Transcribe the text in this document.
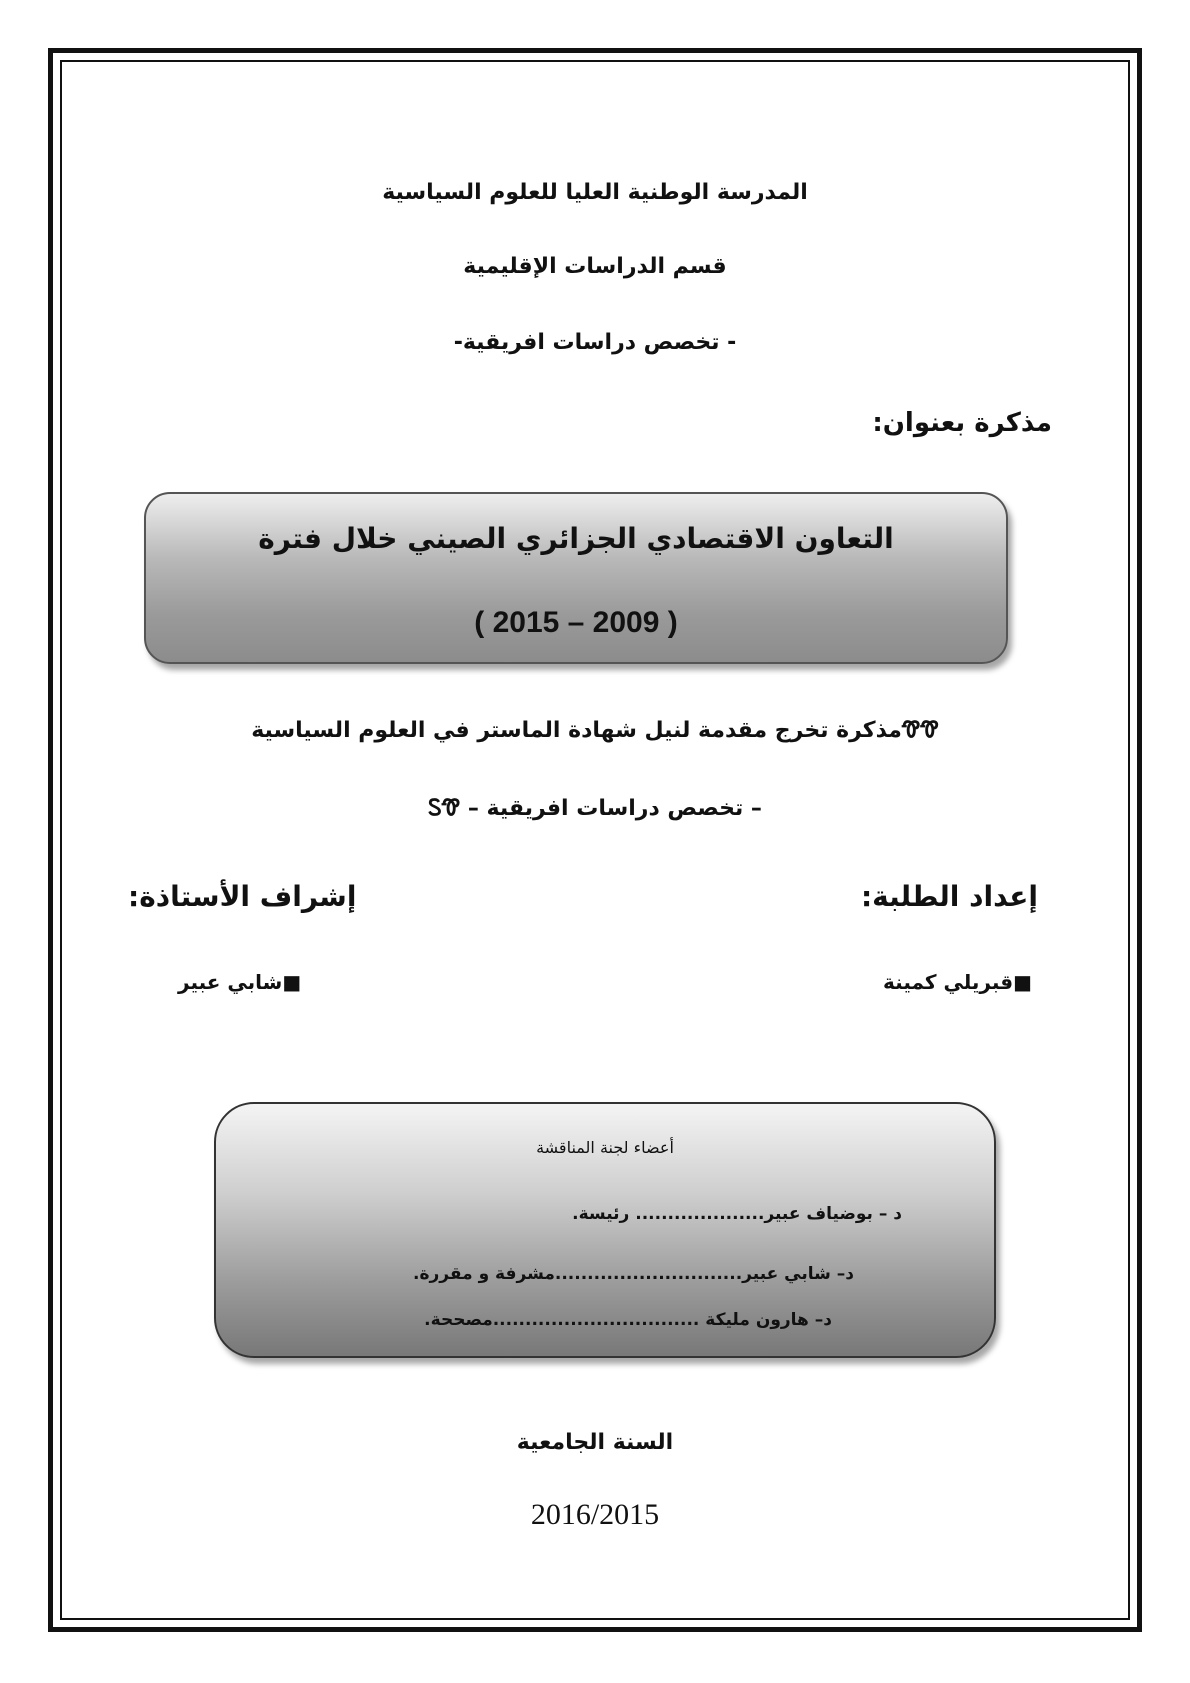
المدرسة الوطنية العليا للعلوم السياسية
قسم الدراسات الإقليمية
- تخصص دراسات افريقية-
مذكرة بعنوان:
التعاون الاقتصادي الجزائري الصيني خلال فترة
( 2015 – 2009 )
ᏡᏡمذكرة تخرج مقدمة لنيل شهادة الماستر في العلوم السياسية
– تخصص دراسات افريقية – ᏚᏡ
إعداد الطلبة:
إشراف الأستاذة:
■قبريلي كمينة
■شابي عبير
أعضاء لجنة المناقشة
د – بوضياف عبير.................... رئيسة.
د– شابي عبير.............................مشرفة و مقررة.
د– هارون مليكة ................................مصححة.
السنة الجامعية
2016/2015
